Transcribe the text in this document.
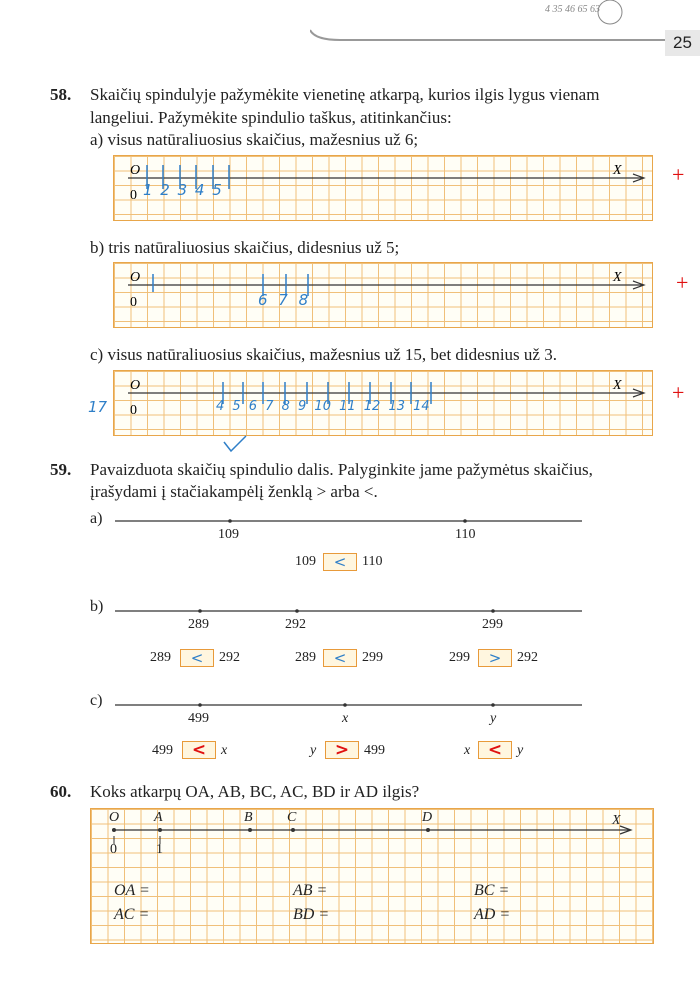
4 35 46 65 63
25
58. Skaičių spindulyje pažymėkite vienetinę atkarpą, kurios ilgis lygus vienam
langeliui. Pažymėkite spindulio taškus, atitinkančius:
a) visus natūraliuosius skaičius, mažesnius už 6;
O
0
X
1 2 3 4 5
+
b) tris natūraliuosius skaičius, didesnius už 5;
O
0
X
6 7 8
+
c) visus natūraliuosius skaičius, mažesnius už 15, bet didesnius už 3.
O
0
X
4 5 6 7 8 9 10 11 12 13 14
17
+
59. Pavaizduota skaičių spindulio dalis. Palyginkite jame pažymėtus skaičius,
įrašydami į stačiakampėlį ženklą > arba <.
a)
109	110
109	<	110
b)
289	292	299
289	<	292	289	<	299	299	>	292
c)
499	x	y
499	<	x	y	>	499	x	<	y
60. Koks atkarpų OA, AB, BC, AC, BD ir AD ilgis?
O A	B C	D	X
0	1
OA =	AB =	BC =
AC =	BD =	AD =
